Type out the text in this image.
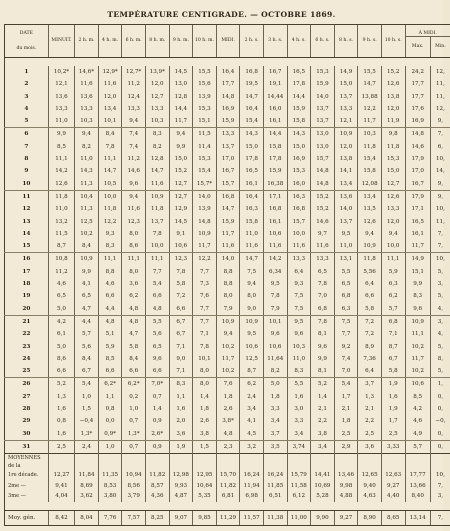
TEMPÉRATURE CENTIGRADE. — OCTOBRE 1869.
DATE
du mois.	MINUIT.	2 h. m.	4 h. m.	6 h. m.	8 h. m.	9 h. m.	10 h. m.	MIDI.	2 h. s.	3 h. s.	4 h. s.	6 h. s.	8 h. s.	9 h. s.	10 h. s.	À MIDI.	
																Max.	Min.

1	10,2*	14,6*	12,9*	12,7*	13,9*	14,5	15,5	16,4	16,8	16,7	16,5	15,3	14,9	15,5	15,2	24,2	12,
2	12,1	11,6	11,6	11,2	12,0	13,0	15,6	17,7	19,5	19,1	17,8	15,9	15,0	14,7	12,6	17,7	11,
3	13,6	13,6	12,0	12,4	12,7	12,8	13,9	14,8	14,7	14,44	14,4	14,0	13,7	13,88	13,8	17,7	11,
4	13,3	13,3	13,4	13,3	13,3	14,4	15,3	16,9	16,4	16,0	15,9	13,7	13,3	12,2	12,0	17,6	12,
5	11,0	10,3	10,1	9,4	10,3	11,7	15,1	15,9	15,4	16,1	15,8	13,7	12,1	11,7	11,9	16,9	9,
6	9,9	9,4	8,4	7,4	8,3	9,4	11,5	13,3	14,3	14,4	14,3	13,0	10,9	10,3	9,8	14,8	7,
7	8,5	8,2	7,8	7,4	8,2	9,9	11,4	13,7	15,0	15,8	15,0	13,0	12,0	11,8	11,8	14,6	6,
8	11,1	11,0	11,1	11,2	12,8	15,0	15,3	17,0	17,8	17,8	16,9	15,7	13,8	15,4	15,3	17,9	10,
9	14,2	14,3	14,7	14,6	14,7	15,2	15,4	16,7	16,5	15,9	15,3	14,8	14,1	15,8	15,0	17,0	14,
10	12,6	11,3	10,5	9,6	11,6	12,7	15,7*	15,7	16,1	16,38	16,0	14,8	13,4	12,08	12,7	16,7	9,
11	11,8	10,4	10,0	9,4	10,9	12,7	14,0	16,8	16,4	17,1	16,3	15,2	13,6	13,4	12,6	17,9	9,
12	11,0	11,3	11,8	11,6	11,8	12,9	13,9	14,7	16,3	16,8	16,8	15,2	14,0	13,5	13,3	17,1	10,
13	13,2	12,5	12,2	12,3	13,7	14,5	14,8	15,9	15,8	16,1	15,7	14,6	13,7	12,6	12,0	16,5	11,
14	11,5	10,2	9,3	8,0	7,8	9,1	10,9	11,7	11,0	10,6	10,0	9,7	9,5	9,4	9,4	16,1	7,
15	8,7	8,4	8,3	8,6	10,0	10,6	11,7	11,6	11,6	11,6	11,6	11,6	11,0	10,9	10,0	11,7	7,
16	10,8	10,9	11,1	11,1	11,1	12,3	12,2	14,0	14,7	14,2	13,3	13,3	13,1	11,8	11,1	14,9	10,
17	11,2	9,9	8,8	8,0	7,7	7,8	7,7	8,8	7,5	6,34	6,4	6,5	5,5	5,56	5,9	15,1	5,
18	4,6	4,1	4,6	3,6	5,4	5,8	7,3	8,8	9,4	9,5	9,3	7,8	6,5	6,4	6,3	9,9	3,
19	6,5	6,5	6,6	6,2	6,6	7,2	7,6	8,0	8,0	7,8	7,5	7,0	6,8	6,6	6,2	8,3	5,
20	5,0	4,7	4,4	4,8	4,8	6,6	7,7	7,9	9,0	7,9	7,5	6,8	6,3	5,8	5,7	9,6	4,
21	4,2	4,4	4,8	4,8	5,5	6,7	7,7	10,9	10,9	10,1	9,5	7,8	7,5	7,2	6,8	10,9	3,
22	6,1	5,7	5,1	4,7	5,6	6,7	7,1	9,4	9,5	9,6	9,6	8,1	7,7	7,2	7,1	11,1	4,
23	5,0	5,6	5,9	5,8	6,5	7,1	7,8	10,2	10,6	10,6	10,3	9,6	9,2	8,9	8,7	10,2	5,
24	8,6	8,4	8,5	8,4	9,6	9,0	10,1	11,7	12,5	11,64	11,0	9,9	7,4	7,36	6,7	11,7	8,
25	6,6	6,7	6,6	6,6	6,6	7,1	8,0	10,2	8,7	8,2	8,3	8,1	7,0	6,4	5,8	10,2	5,
26	5,2	5,4	6,2*	6,2*	7,0*	8,3	8,0	7,6	6,2	5,0	5,5	5,2	5,4	3,7	1,9	10,6	1,
27	1,3	1,0	1,1	0,2	0,7	1,1	1,4	1,8	2,4	1,8	1,6	1,4	1,7	1,3	1,6	8,5	0,
28	1,6	1,5	0,8	1,0	1,4	1,6	1,8	2,6	3,4	3,3	3,0	2,1	2,1	2,1	1,9	4,2	0,
29	0,8	−0,4	0,0	0,7	0,9	2,0	2,6	3,8*	4,1	3,4	3,3	2,2	1,8	2,2	1,7	4,6	−0,
30	1,6	1,3*	0,9*	1,3*	2,6*	3,6	3,8	4,8	4,5	3,7	3,4	3,8	2,5	2,5	2,5	4,9	0,
31	2,5	2,4	1,0	0,7	0,9	1,9	1,5	2,3	3,2	3,5	3,74	3,4	2,9	3,6	3,33	5,7	0,
MOYENNES																	
de la																	
1re décade.	12,27	11,84	11,35	10,94	11,82	12,98	12,95	15,70	16,24	16,24	15,79	14,41	13,46	12,65	12,63	17,77	10,
2me —	9,41	8,69	8,53	8,56	8,57	9,93	10,64	11,82	11,94	11,85	11,58	10,69	9,98	9,40	9,27	13,66	7,
3me —	4,04	3,62	3,80	3,79	4,36	4,87	5,35	6,81	6,98	6,51	6,12	5,28	4,88	4,63	4,40	8,40	3,

Moy. gén.	8,42	8,04	7,76	7,57	8,25	9,07	9,85	11,29	11,57	11,38	11,00	9,90	9,27	8,90	8,65	13,14	7,
